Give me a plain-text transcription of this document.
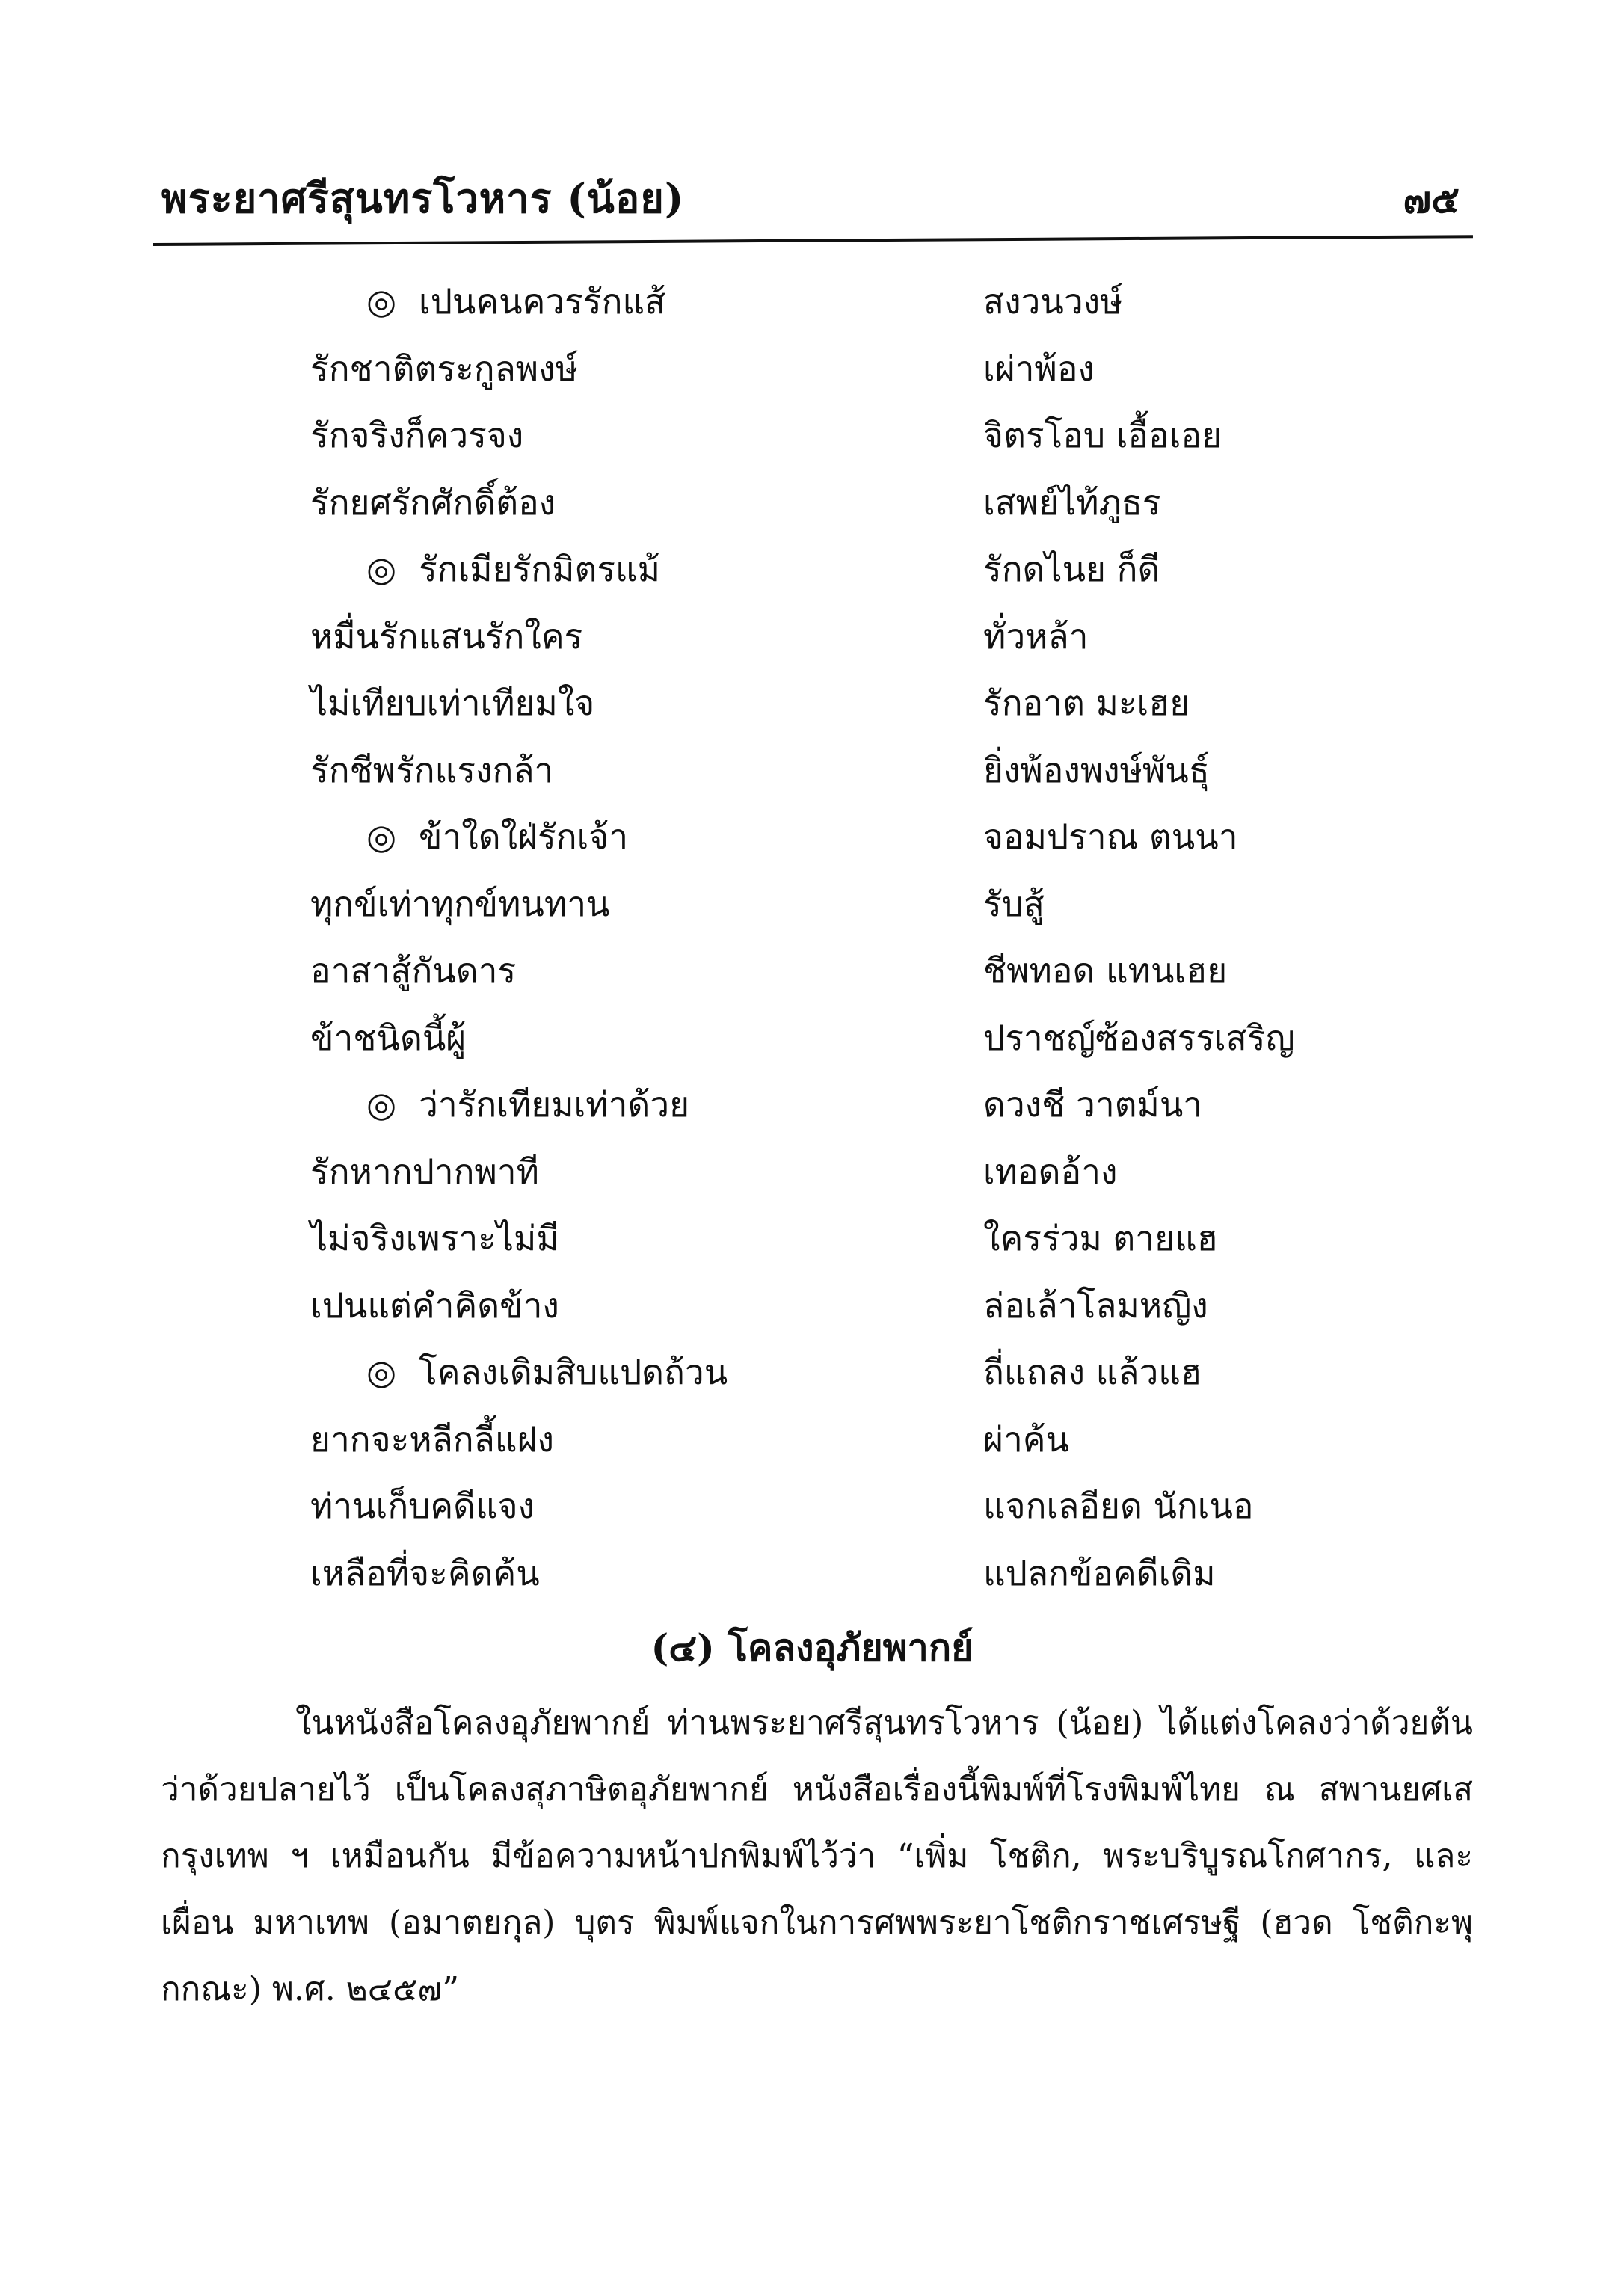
พระยาศรีสุนทรโวหาร (น้อย)	๗๕
◎ เปนคนควรรักแส้	สงวนวงษ์
รักชาติตระกูลพงษ์	เผ่าพ้อง
รักจริงก็ควรจง	จิตรโอบ เอื้อเอย
รักยศรักศักดิ์ต้อง	เสพย์ไท้ภูธร
◎ รักเมียรักมิตรแม้	รักดไนย ก็ดี
หมื่นรักแสนรักใคร	ทั่วหล้า
ไม่เทียบเท่าเทียมใจ	รักอาต มะเฮย
รักชีพรักแรงกล้า	ยิ่งพ้องพงษ์พันธุ์
◎ ข้าใดใฝ่รักเจ้า	จอมปราณ ตนนา
ทุกข์เท่าทุกข์ทนทาน	รับสู้
อาสาสู้กันดาร	ชีพทอด แทนเฮย
ข้าชนิดนี้ผู้	ปราชญ์ซ้องสรรเสริญ
◎ ว่ารักเทียมเท่าด้วย	ดวงชี วาตม์นา
รักหากปากพาที	เทอดอ้าง
ไม่จริงเพราะไม่มี	ใครร่วม ตายแฮ
เปนแต่คำคิดข้าง	ล่อเล้าโลมหญิง
◎ โคลงเดิมสิบแปดถ้วน	ถี่แถลง แล้วแฮ
ยากจะหลีกลี้แฝง	ผ่าค้น
ท่านเก็บคดีแจง	แจกเลอียด นักเนอ
เหลือที่จะคิดค้น	แปลกข้อคดีเดิม
(๔) โคลงอุภัยพากย์
ในหนังสือโคลงอุภัยพากย์ ท่านพระยาศรีสุนทรโวหาร (น้อย) ได้แต่งโคลงว่าด้วยต้นว่าด้วยปลายไว้ เป็นโคลงสุภาษิตอุภัยพากย์ หนังสือเรื่องนี้พิมพ์ที่โรงพิมพ์ไทย ณ สพานยศเส กรุงเทพ ฯ เหมือนกัน มีข้อความหน้าปกพิมพ์ไว้ว่า “เพิ่ม โชติก, พระบริบูรณโกศากร, และ เผื่อน มหาเทพ (อมาตยกุล) บุตร พิมพ์แจกในการศพพระยาโชติกราชเศรษฐี (ฮวด โชติกะพุกกณะ) พ.ศ. ๒๔๕๗”
